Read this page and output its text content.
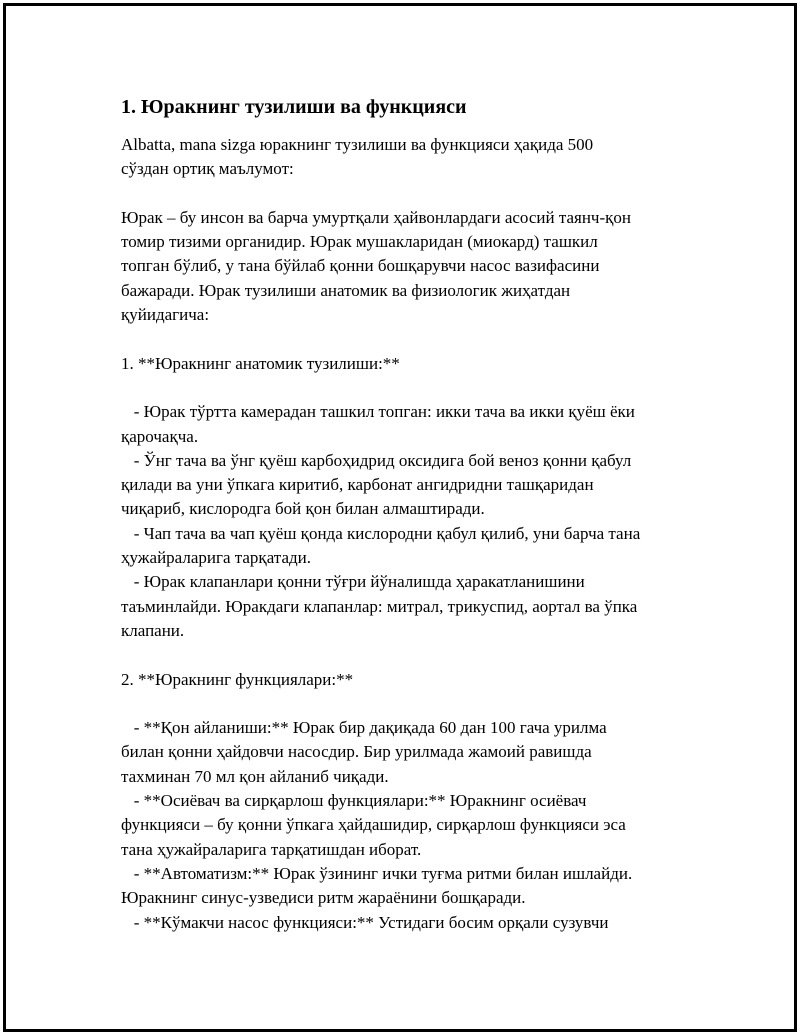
1. Юракнинг тузилиши ва функцияси
Albatta, mana sizga юракнинг тузилиши ва функцияси ҳақида 500
сўздан ортиқ маълумот:
Юрак – бу инсон ва барча умуртқали ҳайвонлардаги асосий таянч-қон
томир тизими органидир. Юрак мушакларидан (миокард) ташкил
топган бўлиб, у тана бўйлаб қонни бошқарувчи насос вазифасини
бажаради. Юрак тузилиши анатомик ва физиологик жиҳатдан
қуйидагича:
1. **Юракнинг анатомик тузилиши:**
- Юрак тўртта камерадан ташкил топган: икки тача ва икки қуёш ёки
қарочақча.
- Ўнг тача ва ўнг қуёш карбоҳидрид оксидига бой веноз қонни қабул
қилади ва уни ўпкага киритиб, карбонат ангидридни ташқаридан
чиқариб, кислородга бой қон билан алмаштиради.
- Чап тача ва чап қуёш қонда кислородни қабул қилиб, уни барча тана
ҳужайраларига тарқатади.
- Юрак клапанлари қонни тўғри йўналишда ҳаракатланишини
таъминлайди. Юракдаги клапанлар: митрал, трикуспид, аортал ва ўпка
клапани.
2. **Юракнинг функциялари:**
- **Қон айланиши:** Юрак бир дақиқада 60 дан 100 гача урилма
билан қонни ҳайдовчи насосдир. Бир урилмада жамоий равишда
тахминан 70 мл қон айланиб чиқади.
- **Осиёвач ва сирқарлош функциялари:** Юракнинг осиёвач
функцияси – бу қонни ўпкага ҳайдашидир, сирқарлош функцияси эса
тана ҳужайраларига тарқатишдан иборат.
- **Автоматизм:** Юрак ўзининг ички туғма ритми билан ишлайди.
Юракнинг синус-узведиси ритм жараёнини бошқаради.
- **Кўмакчи насос функцияси:** Устидаги босим орқали сузувчи
